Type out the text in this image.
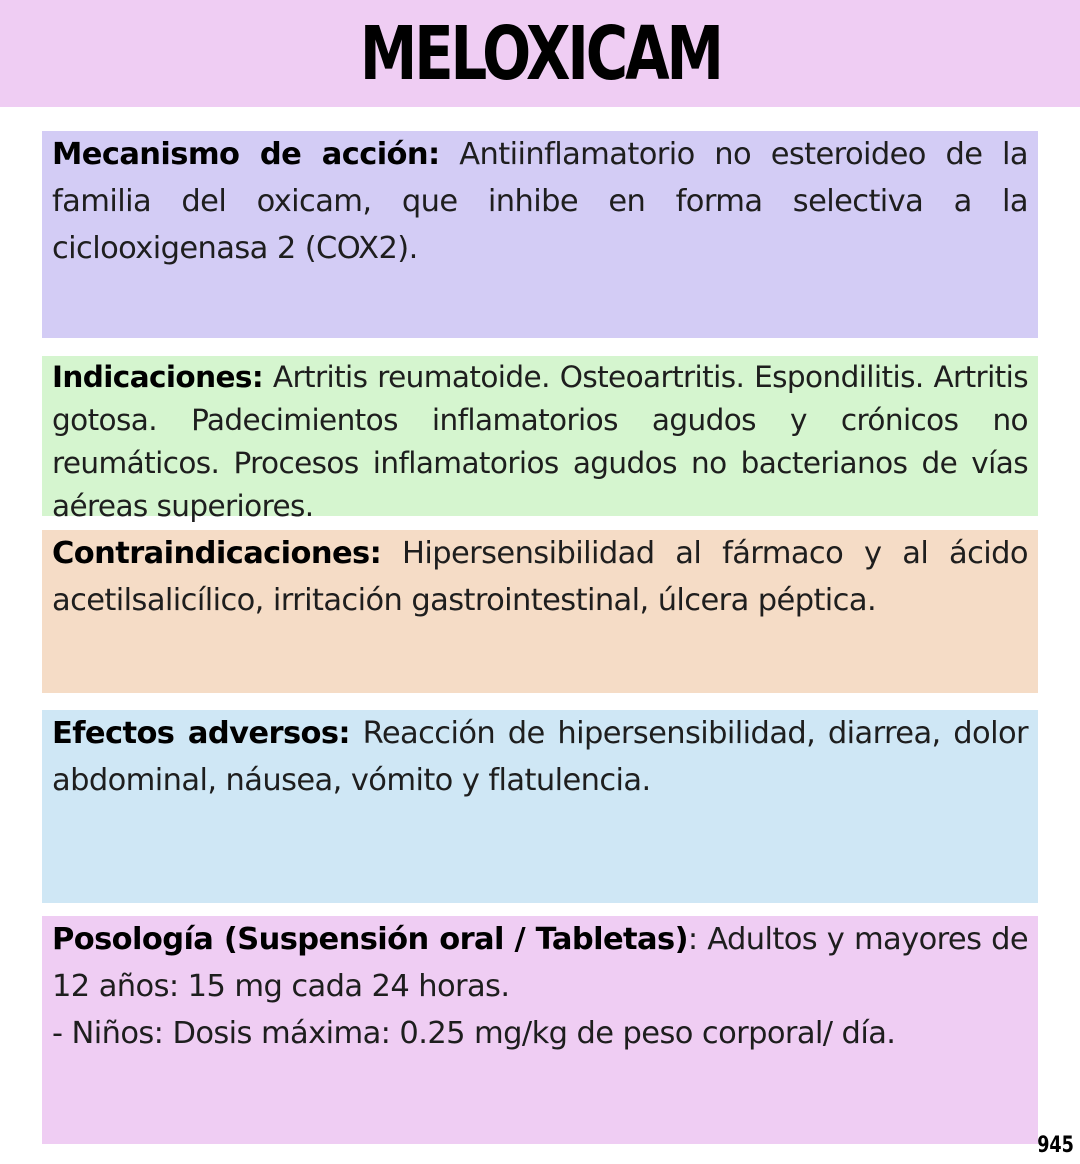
MELOXICAM

Mecanismo de acción: Antiinflamatorio no esteroideo de la familia del oxicam, que inhibe en forma selectiva a la ciclooxigenasa 2 (COX2).

Indicaciones: Artritis reumatoide. Osteoartritis. Espondilitis. Artritis gotosa. Padecimientos inflamatorios agudos y crónicos no reumáticos. Procesos inflamatorios agudos no bacterianos de vías aéreas superiores.

Contraindicaciones: Hipersensibilidad al fármaco y al ácido acetilsalicílico, irritación gastrointestinal, úlcera péptica.

Efectos adversos: Reacción de hipersensibilidad, diarrea, dolor abdominal, náusea, vómito y flatulencia.

Posología (Suspensión oral / Tabletas): Adultos y mayores de 12 años: 15 mg cada 24 horas.

- Niños: Dosis máxima: 0.25 mg/kg de peso corporal/ día.

945
